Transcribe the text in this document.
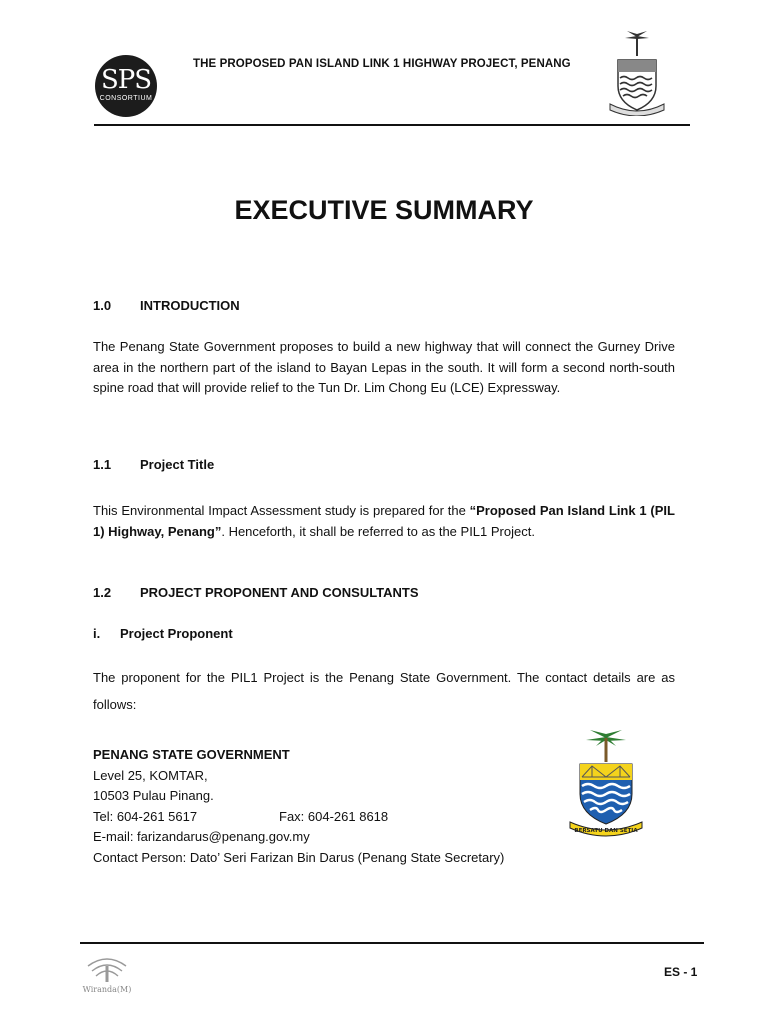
SPS
CONSORTIUM
THE PROPOSED PAN ISLAND LINK 1 HIGHWAY PROJECT, PENANG
EXECUTIVE SUMMARY
1.0 INTRODUCTION
The Penang State Government proposes to build a new highway that will connect the Gurney Drive area in the northern part of the island to Bayan Lepas in the south. It will form a second north-south spine road that will provide relief to the Tun Dr. Lim Chong Eu (LCE) Expressway.
1.1 Project Title
This Environmental Impact Assessment study is prepared for the “Proposed Pan Island Link 1 (PIL 1) Highway, Penang”. Henceforth, it shall be referred to as the PIL1 Project.
1.2 PROJECT PROPONENT AND CONSULTANTS
i. Project Proponent
The proponent for the PIL1 Project is the Penang State Government. The contact details are as follows:
PENANG STATE GOVERNMENT
Level 25, KOMTAR,
10503 Pulau Pinang.
Tel: 604-261 5617	Fax: 604-261 8618
E-mail: farizandarus@penang.gov.my
Contact Person: Dato’ Seri Farizan Bin Darus (Penang State Secretary)
BERSATU DAN SETIA
Wiranda(M)
ES - 1
